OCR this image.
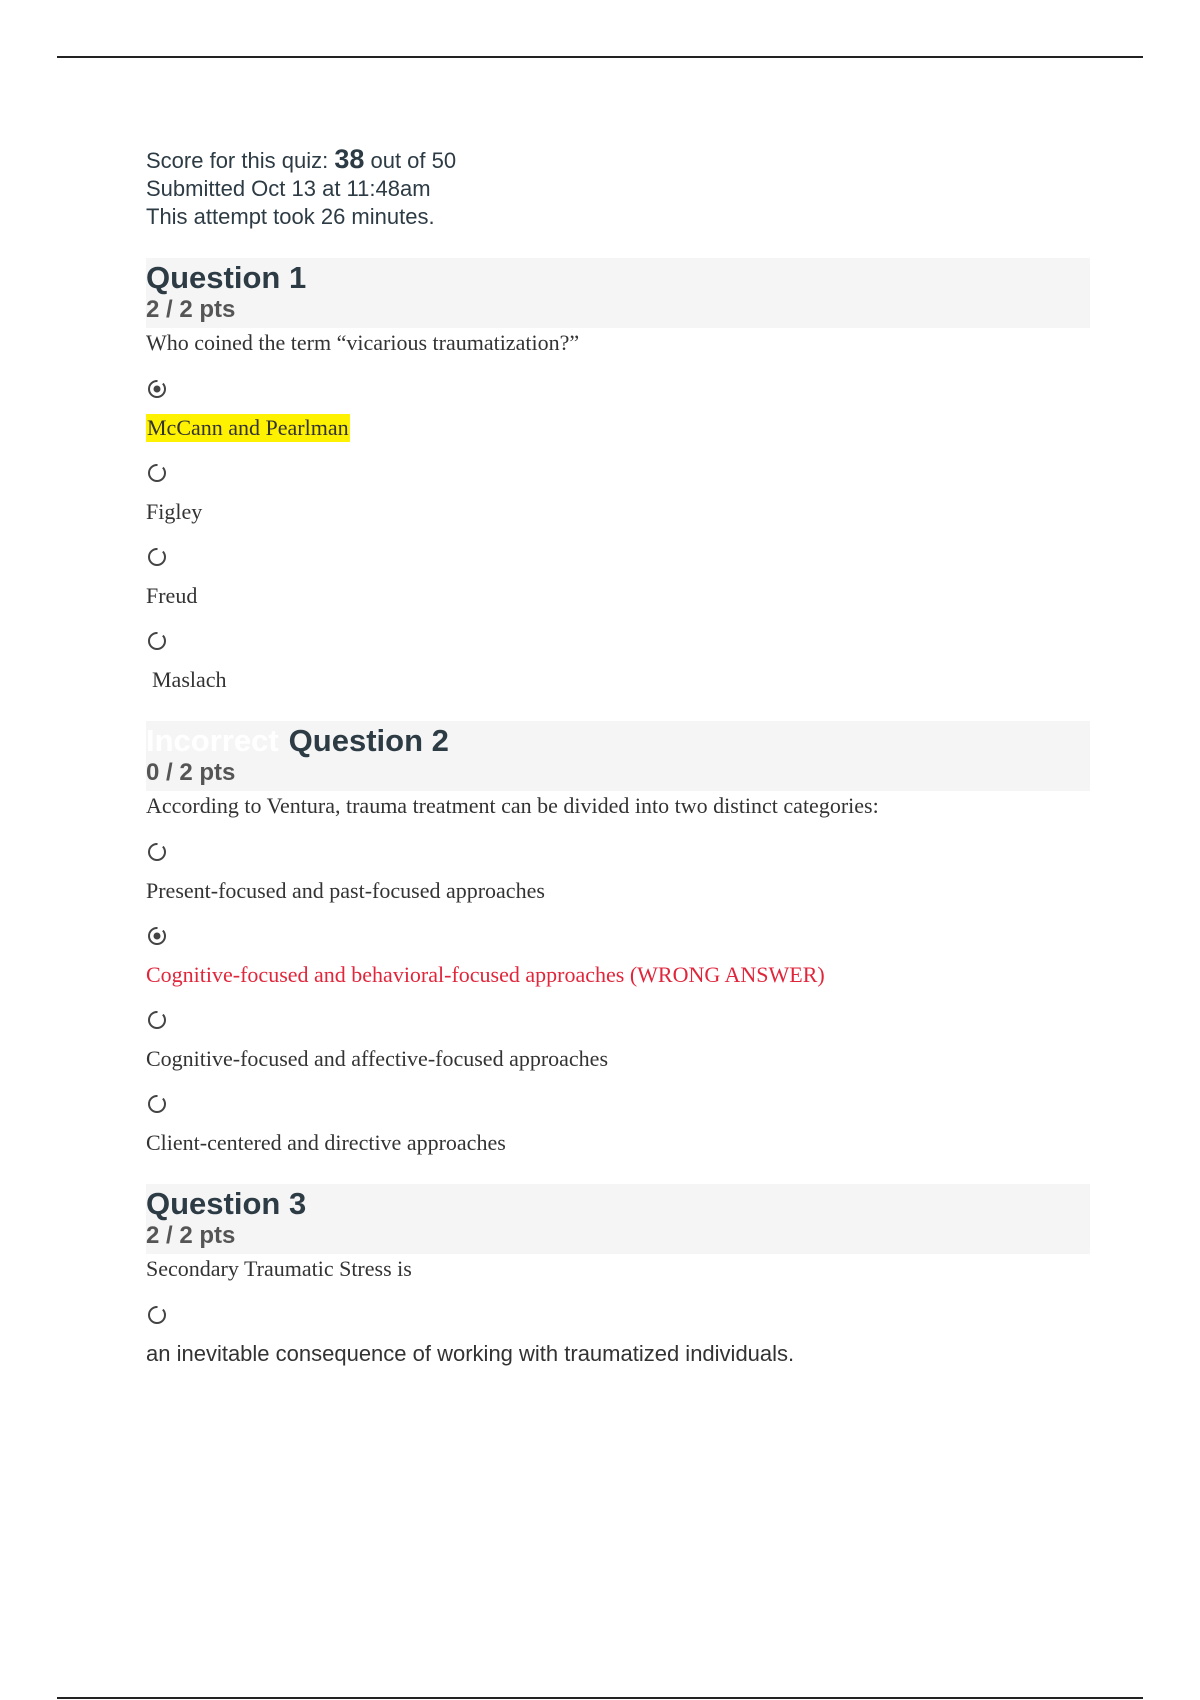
Score for this quiz: 38 out of 50
Submitted Oct 13 at 11:48am
This attempt took 26 minutes.
Question 1
2 / 2 pts
Who coined the term “vicarious traumatization?”
McCann and Pearlman
Figley
Freud
Maslach
Incorrect Question 2
0 / 2 pts
According to Ventura, trauma treatment can be divided into two distinct categories:
Present-focused and past-focused approaches
Cognitive-focused and behavioral-focused approaches (WRONG ANSWER)
Cognitive-focused and affective-focused approaches
Client-centered and directive approaches
Question 3
2 / 2 pts
Secondary Traumatic Stress is
an inevitable consequence of working with traumatized individuals.
